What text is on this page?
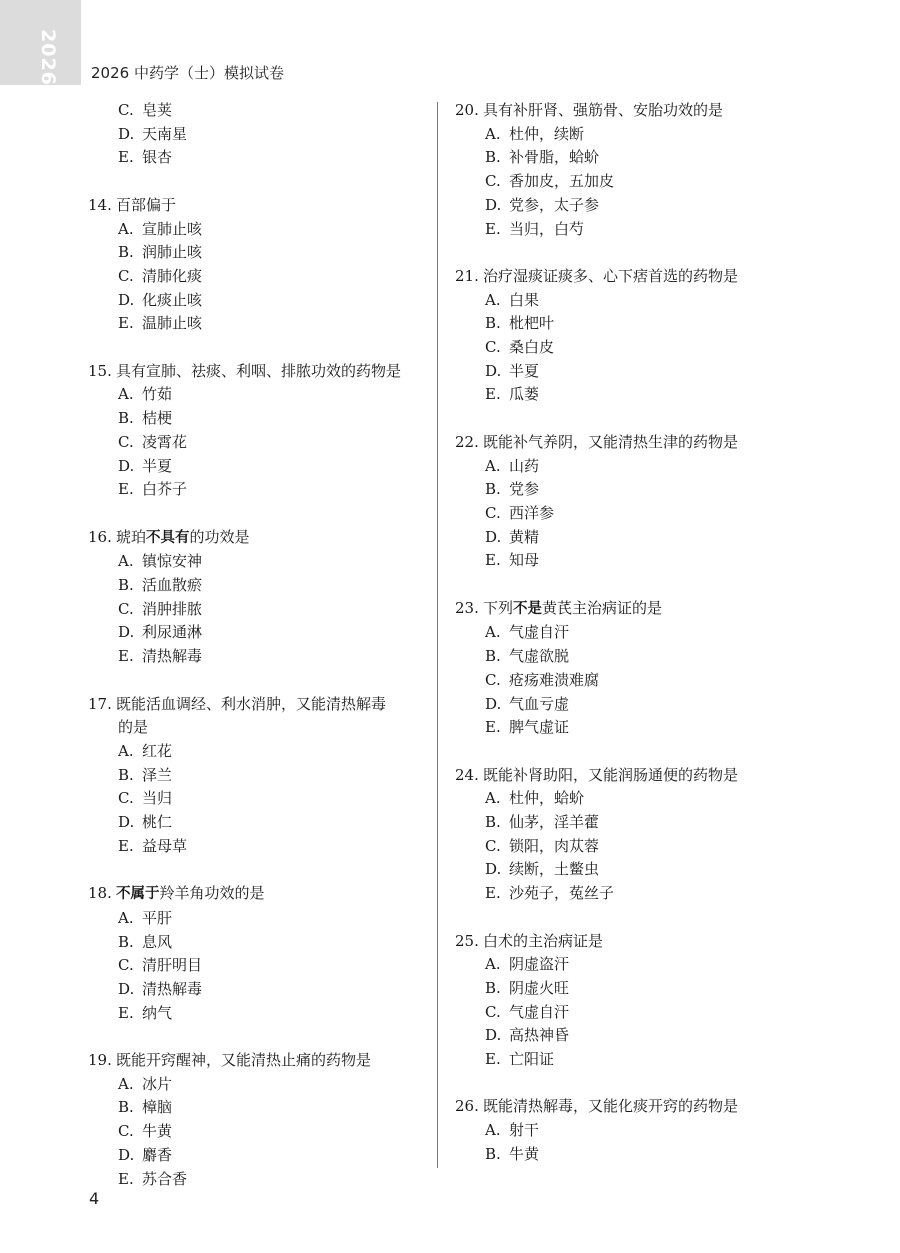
2026 2026 中药学（士）模拟试卷
4
C. 皂荚
D. 天南星
E. 银杏
14. 百部偏于
A. 宣肺止咳
B. 润肺止咳
C. 清肺化痰
D. 化痰止咳
E. 温肺止咳
15. 具有宣肺、祛痰、利咽、排脓功效的药物是
A. 竹茹
B. 桔梗
C. 凌霄花
D. 半夏
E. 白芥子
16. 琥珀不具有的功效是
A. 镇惊安神
B. 活血散瘀
C. 消肿排脓
D. 利尿通淋
E. 清热解毒
17. 既能活血调经、利水消肿，又能清热解毒
的是
A. 红花
B. 泽兰
C. 当归
D. 桃仁
E. 益母草
18. 不属于羚羊角功效的是
A. 平肝
B. 息风
C. 清肝明目
D. 清热解毒
E. 纳气
19. 既能开窍醒神，又能清热止痛的药物是
A. 冰片
B. 樟脑
C. 牛黄
D. 麝香
E. 苏合香
20. 具有补肝肾、强筋骨、安胎功效的是
A. 杜仲，续断
B. 补骨脂，蛤蚧
C. 香加皮，五加皮
D. 党参，太子参
E. 当归，白芍
21. 治疗湿痰证痰多、心下痞首选的药物是
A. 白果
B. 枇杷叶
C. 桑白皮
D. 半夏
E. 瓜蒌
22. 既能补气养阴，又能清热生津的药物是
A. 山药
B. 党参
C. 西洋参
D. 黄精
E. 知母
23. 下列不是黄芪主治病证的是
A. 气虚自汗
B. 气虚欲脱
C. 疮疡难溃难腐
D. 气血亏虚
E. 脾气虚证
24. 既能补肾助阳，又能润肠通便的药物是
A. 杜仲，蛤蚧
B. 仙茅，淫羊藿
C. 锁阳，肉苁蓉
D. 续断，土鳖虫
E. 沙苑子，菟丝子
25. 白术的主治病证是
A. 阴虚盗汗
B. 阴虚火旺
C. 气虚自汗
D. 高热神昏
E. 亡阳证
26. 既能清热解毒，又能化痰开窍的药物是
A. 射干
B. 牛黄
